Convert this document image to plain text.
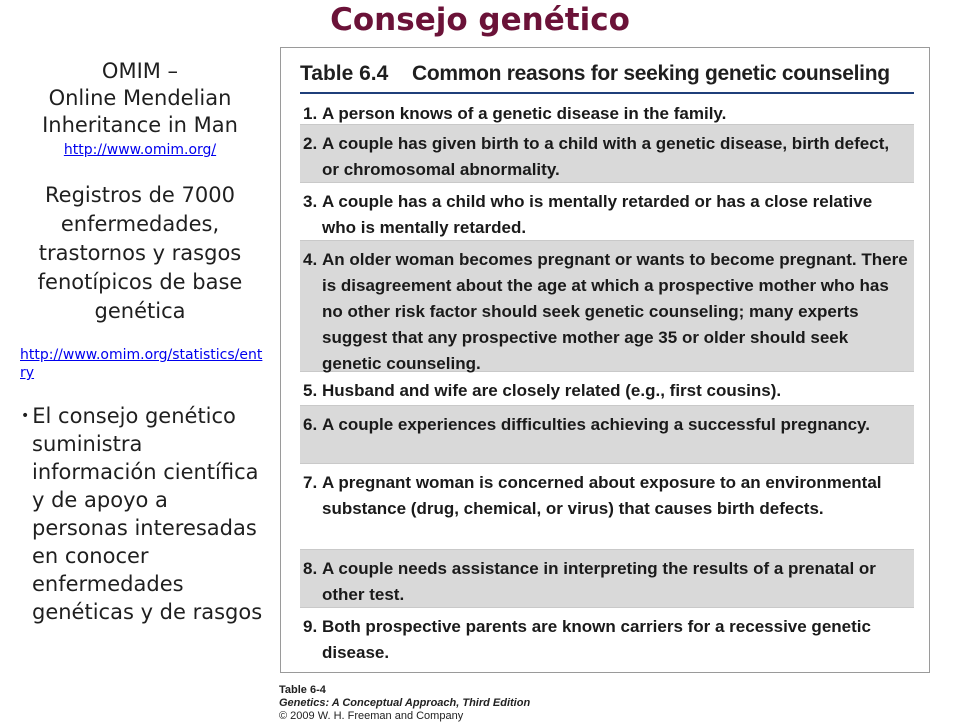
Consejo genético
OMIM –
Online Mendelian
Inheritance in Man
http://www.omim.org/
Registros de 7000 enfermedades, trastornos y rasgos fenotípicos de base genética
http://www.omim.org/statistics/entry
• El consejo genético suministra información científica y de apoyo a personas interesadas en conocer enfermedades genéticas y de rasgos
Table 6.4 Common reasons for seeking genetic counseling
1. A person knows of a genetic disease in the family.
2. A couple has given birth to a child with a genetic disease, birth defect, or chromosomal abnormality.
3. A couple has a child who is mentally retarded or has a close relative who is mentally retarded.
4. An older woman becomes pregnant or wants to become pregnant. There is disagreement about the age at which a prospective mother who has no other risk factor should seek genetic counseling; many experts suggest that any prospective mother age 35 or older should seek genetic counseling.
5. Husband and wife are closely related (e.g., first cousins).
6. A couple experiences difficulties achieving a successful pregnancy.
7. A pregnant woman is concerned about exposure to an environmental substance (drug, chemical, or virus) that causes birth defects.
8. A couple needs assistance in interpreting the results of a prenatal or other test.
9. Both prospective parents are known carriers for a recessive genetic disease.
Table 6-4
Genetics: A Conceptual Approach, Third Edition
© 2009 W. H. Freeman and Company
